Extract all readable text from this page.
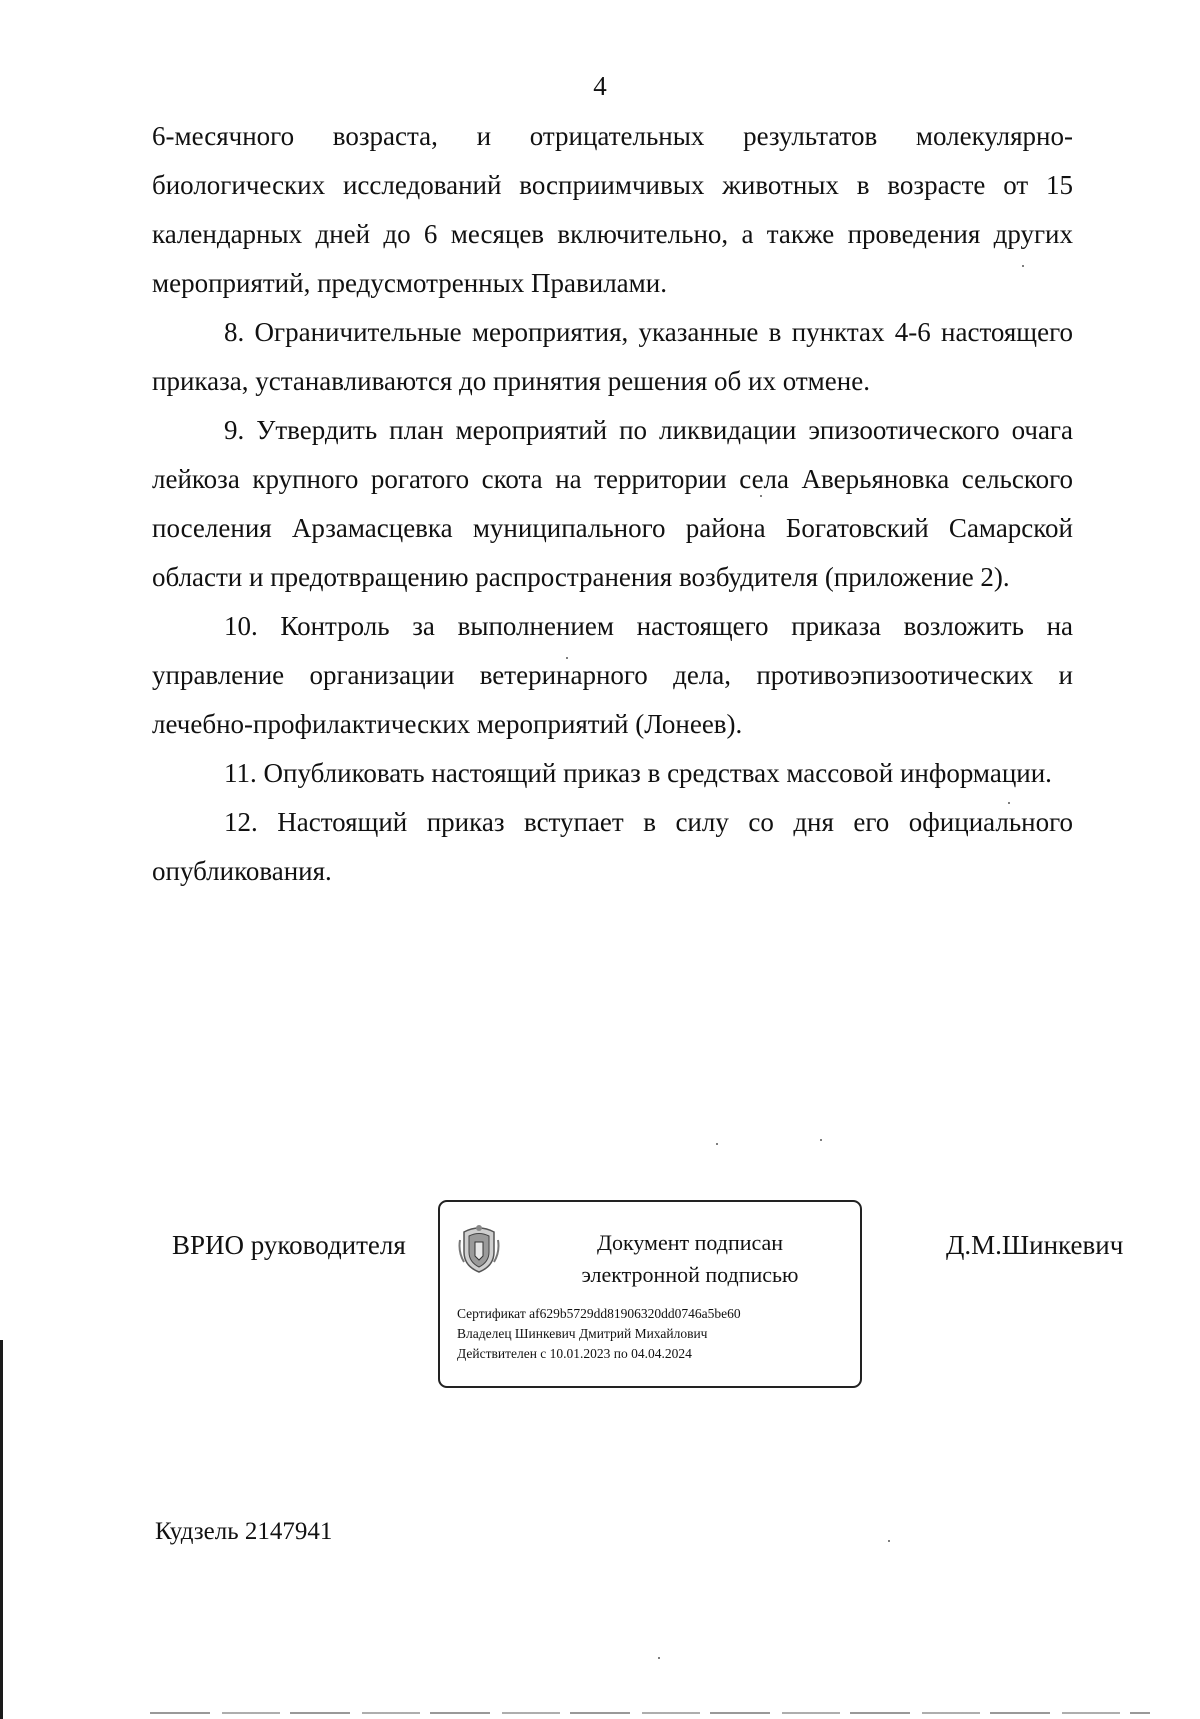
4

6-месячного возраста, и отрицательных результатов молекулярно-биологических исследований восприимчивых животных в возрасте от 15 календарных дней до 6 месяцев включительно, а также проведения других мероприятий, предусмотренных Правилами.

8. Ограничительные мероприятия, указанные в пунктах 4-6 настоящего приказа, устанавливаются до принятия решения об их отмене.

9. Утвердить план мероприятий по ликвидации эпизоотического очага лейкоза крупного рогатого скота на территории села Аверьяновка сельского поселения Арзамасцевка муниципального района Богатовский Самарской области и предотвращению распространения возбудителя (приложение 2).

10. Контроль за выполнением настоящего приказа возложить на управление организации ветеринарного дела, противоэпизоотических и лечебно-профилактических мероприятий (Лонеев).

11. Опубликовать настоящий приказ в средствах массовой информации.

12. Настоящий приказ вступает в силу со дня его официального опубликования.

ВРИО руководителя	Документ подписан
электронной подписью
Сертификат af629b5729dd81906320dd0746a5be60
Владелец Шинкевич Дмитрий Михайлович
Действителен с 10.01.2023 по 04.04.2024
Д.М.Шинкевич
Кудзель 2147941
